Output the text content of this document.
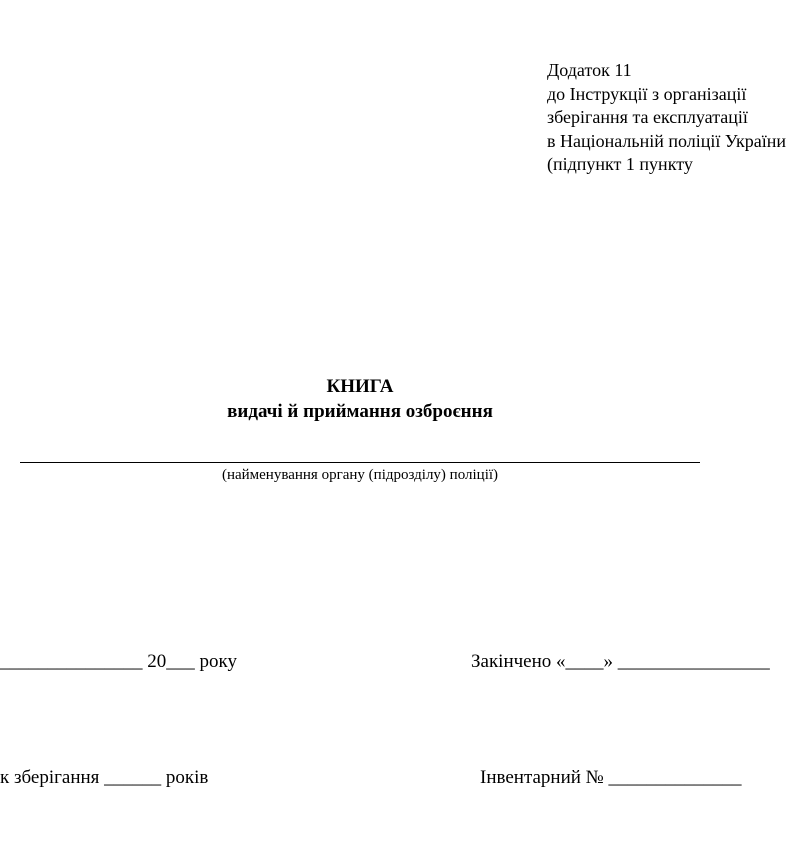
Додаток 11
до Інструкції з організації
зберігання та експлуатації
в Національній поліції України
(підпункт 1 пункту
КНИГА
видачі й приймання озброєння
(найменування органу (підрозділу) поліції)
_______________ 20___ року	Закінчено «____» ________________
к зберігання ______ років	Інвентарний № ______________
